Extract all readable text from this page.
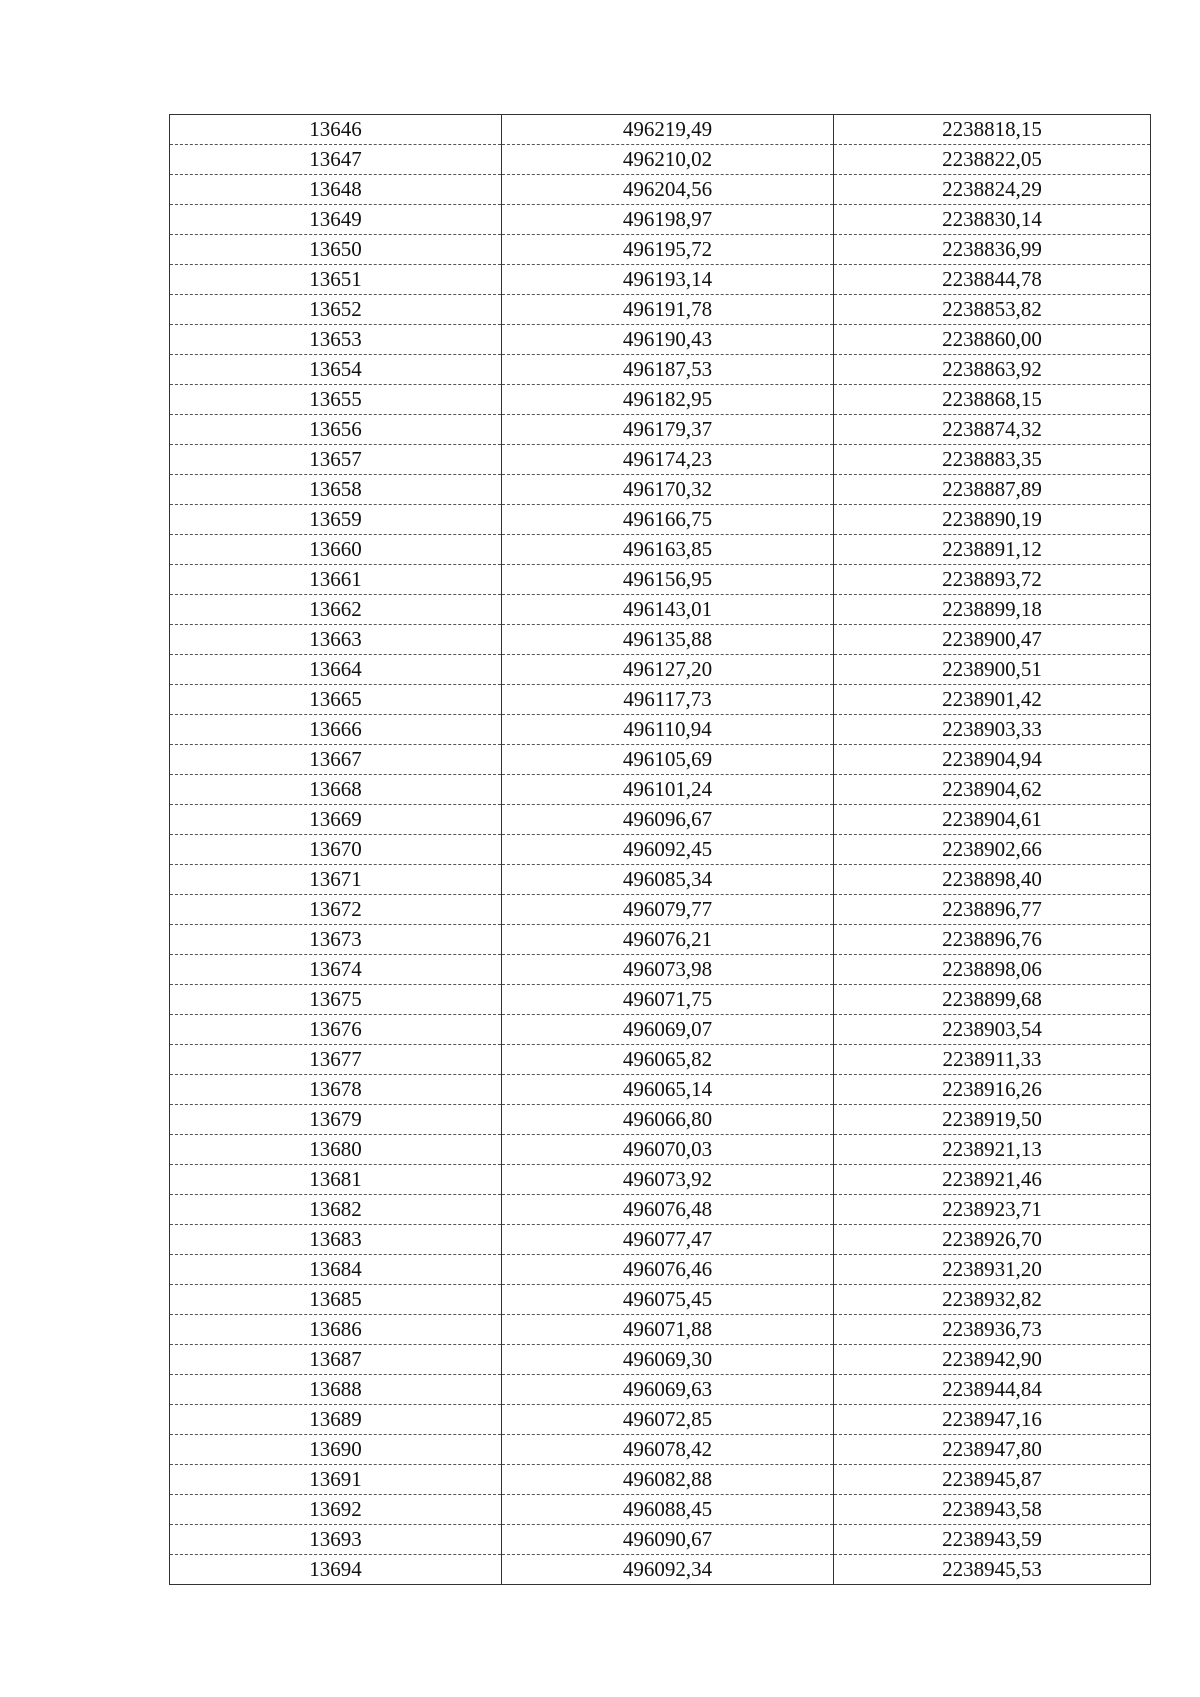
13646	496219,49	2238818,15
13647	496210,02	2238822,05
13648	496204,56	2238824,29
13649	496198,97	2238830,14
13650	496195,72	2238836,99
13651	496193,14	2238844,78
13652	496191,78	2238853,82
13653	496190,43	2238860,00
13654	496187,53	2238863,92
13655	496182,95	2238868,15
13656	496179,37	2238874,32
13657	496174,23	2238883,35
13658	496170,32	2238887,89
13659	496166,75	2238890,19
13660	496163,85	2238891,12
13661	496156,95	2238893,72
13662	496143,01	2238899,18
13663	496135,88	2238900,47
13664	496127,20	2238900,51
13665	496117,73	2238901,42
13666	496110,94	2238903,33
13667	496105,69	2238904,94
13668	496101,24	2238904,62
13669	496096,67	2238904,61
13670	496092,45	2238902,66
13671	496085,34	2238898,40
13672	496079,77	2238896,77
13673	496076,21	2238896,76
13674	496073,98	2238898,06
13675	496071,75	2238899,68
13676	496069,07	2238903,54
13677	496065,82	2238911,33
13678	496065,14	2238916,26
13679	496066,80	2238919,50
13680	496070,03	2238921,13
13681	496073,92	2238921,46
13682	496076,48	2238923,71
13683	496077,47	2238926,70
13684	496076,46	2238931,20
13685	496075,45	2238932,82
13686	496071,88	2238936,73
13687	496069,30	2238942,90
13688	496069,63	2238944,84
13689	496072,85	2238947,16
13690	496078,42	2238947,80
13691	496082,88	2238945,87
13692	496088,45	2238943,58
13693	496090,67	2238943,59
13694	496092,34	2238945,53
